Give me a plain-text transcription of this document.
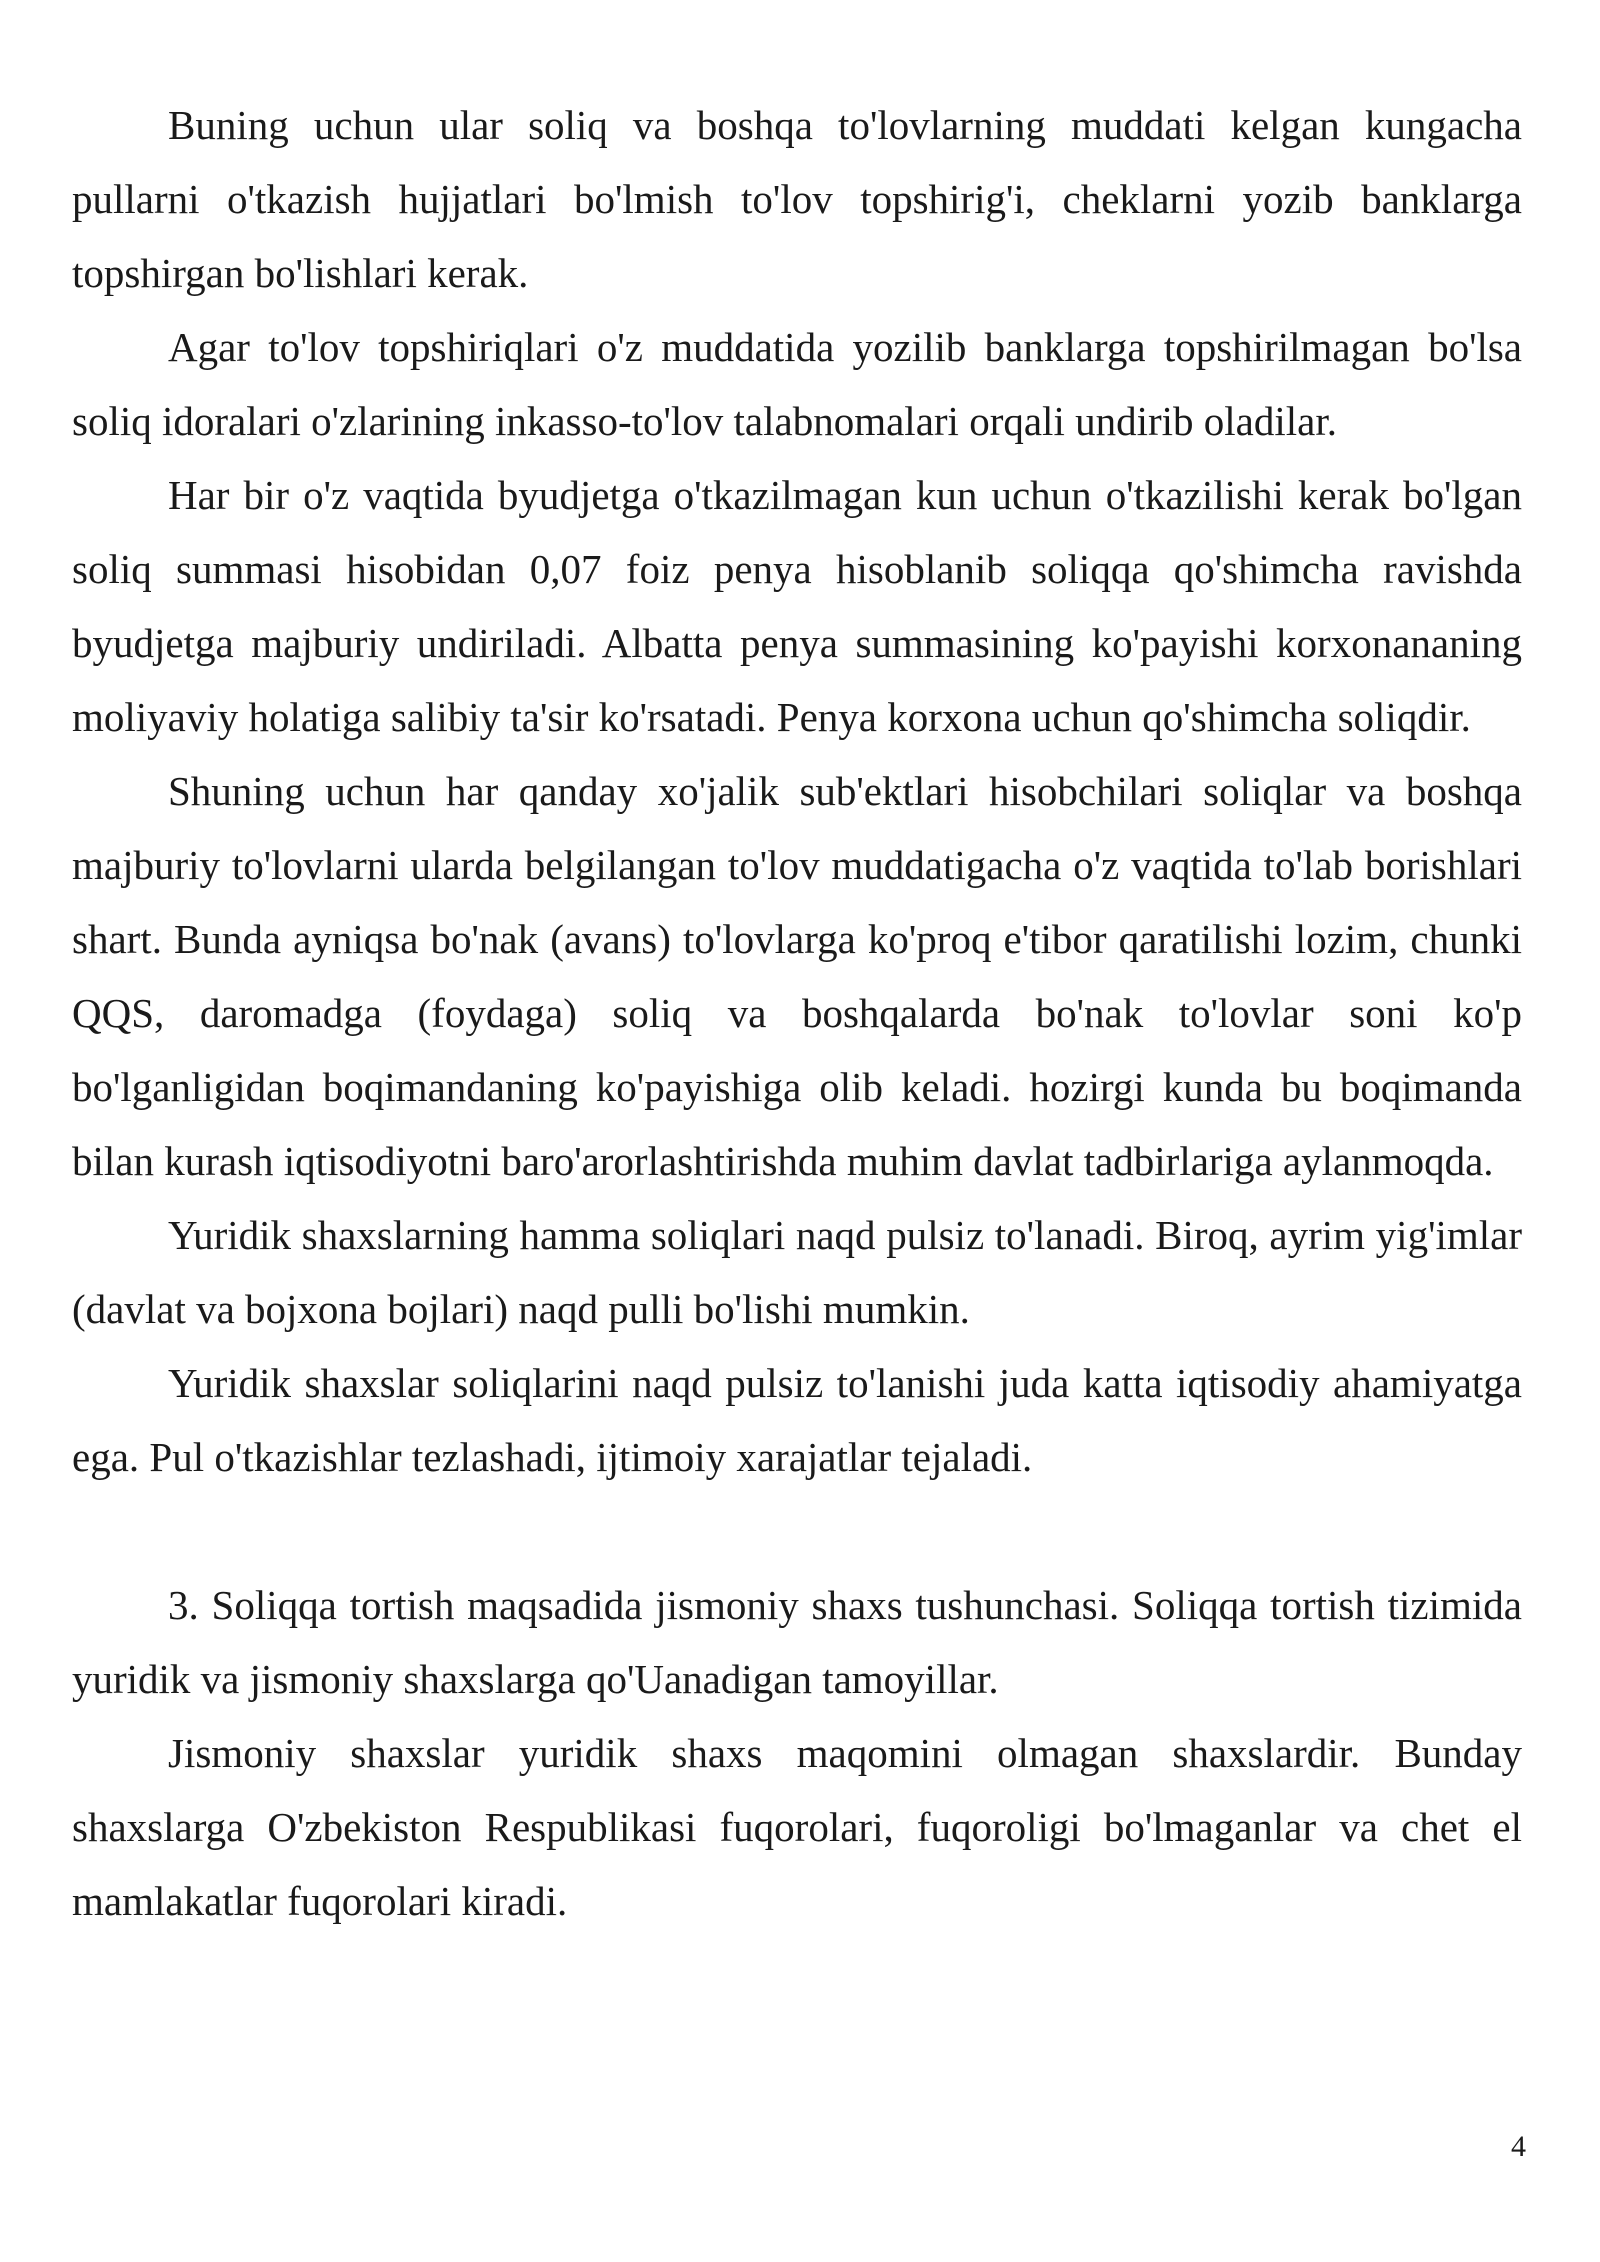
Buning uchun ular soliq va boshqa to'lovlarning muddati kelgan kungacha pullarni o'tkazish hujjatlari bo'lmish to'lov topshirig'i, cheklarni yozib banklarga topshirgan bo'lishlari kerak.

Agar to'lov topshiriqlari o'z muddatida yozilib banklarga topshirilmagan bo'lsa soliq idoralari o'zlarining inkasso-to'lov talabnomalari orqali undirib oladilar.

Har bir o'z vaqtida byudjetga o'tkazilmagan kun uchun o'tkazilishi kerak bo'lgan soliq summasi hisobidan 0,07 foiz penya hisoblanib soliqqa qo'shimcha ravishda byudjetga majburiy undiriladi. Albatta penya summasining ko'payishi korxonananing moliyaviy holatiga salibiy ta'sir ko'rsatadi. Penya korxona uchun qo'shimcha soliqdir.

Shuning uchun har qanday xo'jalik sub'ektlari hisobchilari soliqlar va boshqa majburiy to'lovlarni ularda belgilangan to'lov muddatigacha o'z vaqtida to'lab borishlari shart. Bunda ayniqsa bo'nak (avans) to'lovlarga ko'proq e'tibor qaratilishi lozim, chunki QQS, daromadga (foydaga) soliq va boshqalarda bo'nak to'lovlar soni ko'p bo'lganligidan boqimandaning ko'payishiga olib keladi. hozirgi kunda bu boqimanda bilan kurash iqtisodiyotni baro'arorlashtirishda muhim davlat tadbirlariga aylanmoqda.

Yuridik shaxslarning hamma soliqlari naqd pulsiz to'lanadi. Biroq, ayrim yig'imlar (davlat va bojxona bojlari) naqd pulli bo'lishi mumkin.

Yuridik shaxslar soliqlarini naqd pulsiz to'lanishi juda katta iqtisodiy ahamiyatga ega. Pul o'tkazishlar tezlashadi, ijtimoiy xarajatlar tejaladi.

3. Soliqqa tortish maqsadida jismoniy shaxs tushunchasi. Soliqqa tortish tizimida yuridik va jismoniy shaxslarga qo'Uanadigan tamoyillar.

Jismoniy shaxslar yuridik shaxs maqomini olmagan shaxslardir. Bunday shaxslarga O'zbekiston Respublikasi fuqorolari, fuqoroligi bo'lmaganlar va chet el mamlakatlar fuqorolari kiradi.

4
